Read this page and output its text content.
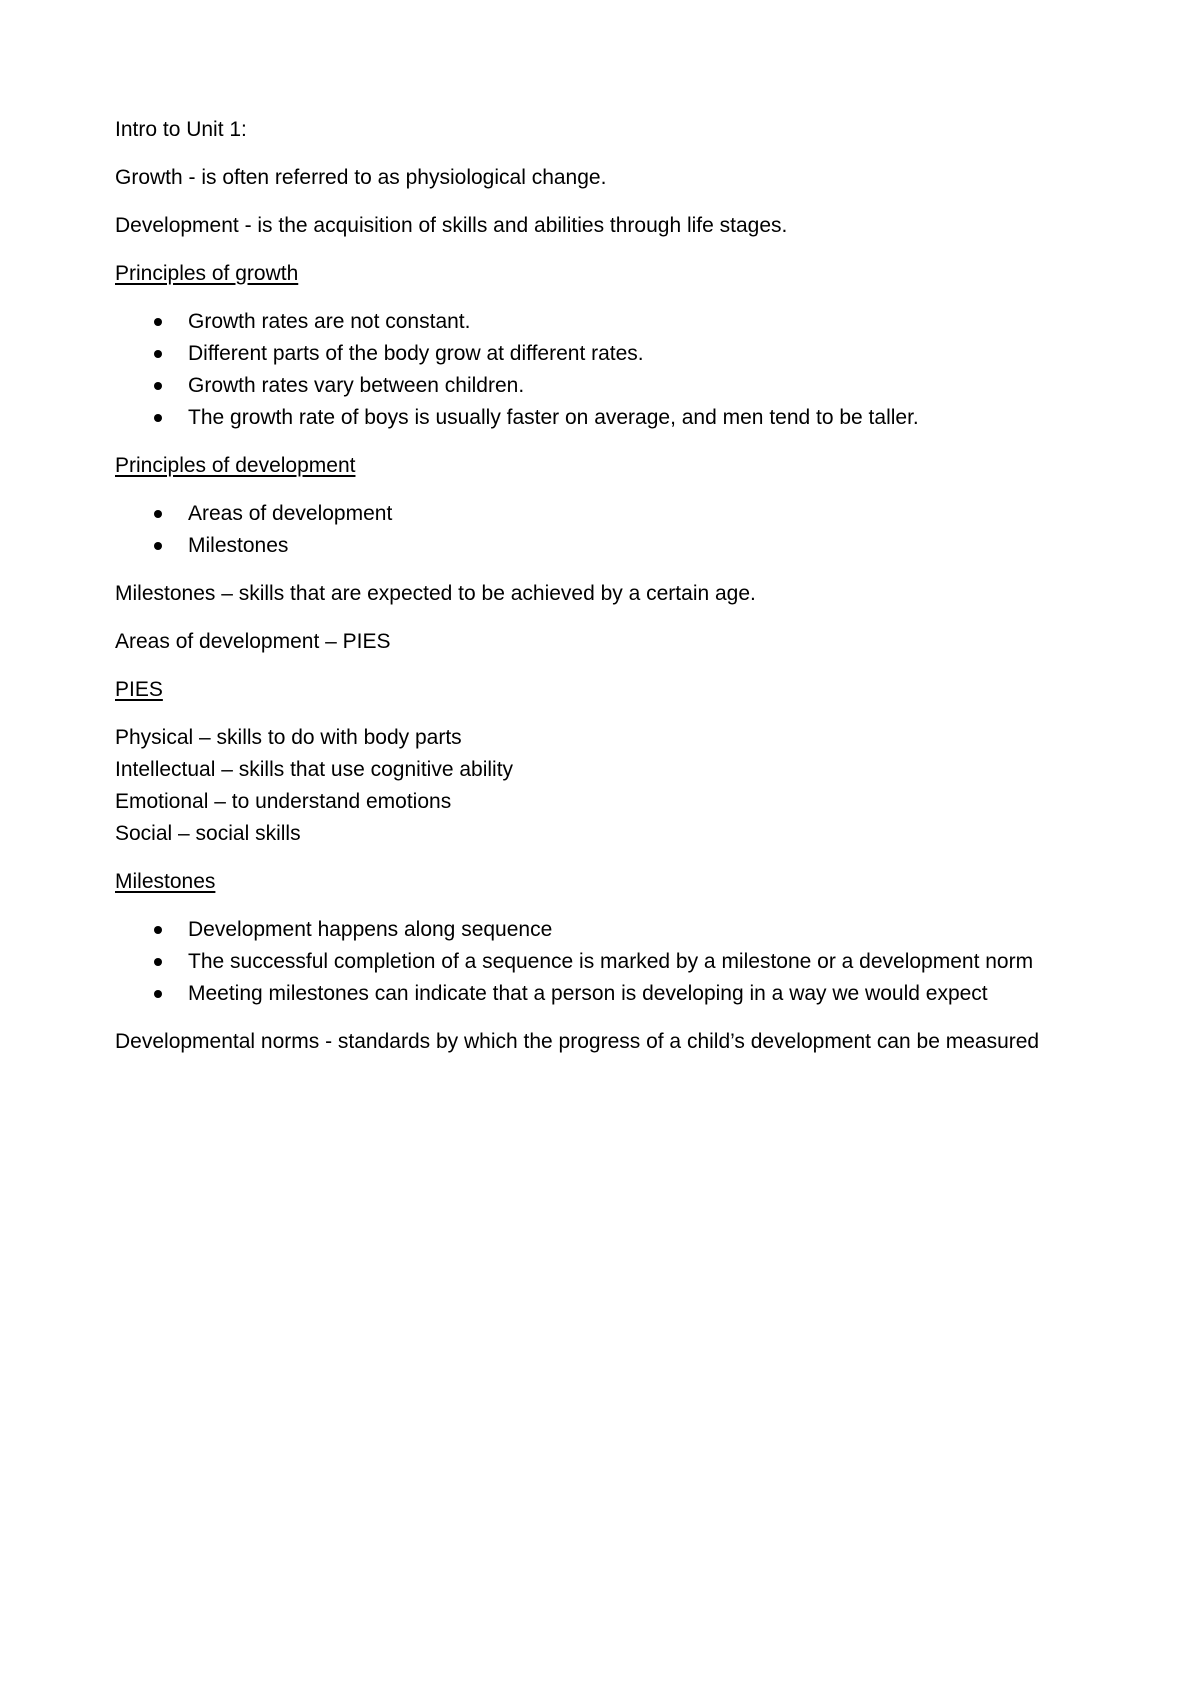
Intro to Unit 1:

Growth - is often referred to as physiological change.

Development - is the acquisition of skills and abilities through life stages.

Principles of growth

Growth rates are not constant.
Different parts of the body grow at different rates.
Growth rates vary between children.
The growth rate of boys is usually faster on average, and men tend to be taller.

Principles of development

Areas of development
Milestones

Milestones – skills that are expected to be achieved by a certain age.

Areas of development – PIES

PIES

Physical – skills to do with body parts
Intellectual – skills that use cognitive ability
Emotional – to understand emotions
Social – social skills

Milestones

Development happens along sequence
The successful completion of a sequence is marked by a milestone or a development norm
Meeting milestones can indicate that a person is developing in a way we would expect

Developmental norms - standards by which the progress of a child’s development can be measured
